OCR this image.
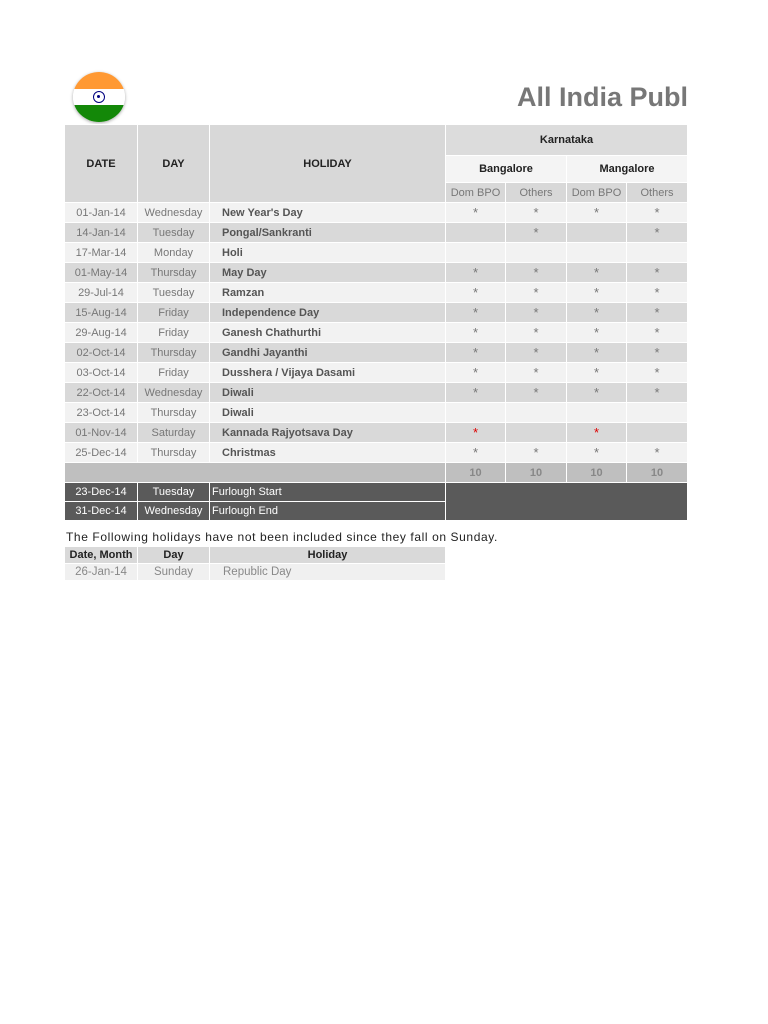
All India Publ
DATE	DAY	HOLIDAY	Karnataka			
			Bangalore		Mangalore	
			Dom BPO	Others	Dom BPO	Others
01-Jan-14	Wednesday	New Year's Day	*	*	*	*
14-Jan-14	Tuesday	Pongal/Sankranti		*		*
17-Mar-14	Monday	Holi				
01-May-14	Thursday	May Day	*	*	*	*
29-Jul-14	Tuesday	Ramzan	*	*	*	*
15-Aug-14	Friday	Independence Day	*	*	*	*
29-Aug-14	Friday	Ganesh Chathurthi	*	*	*	*
02-Oct-14	Thursday	Gandhi Jayanthi	*	*	*	*
03-Oct-14	Friday	Dusshera / Vijaya Dasami	*	*	*	*
22-Oct-14	Wednesday	Diwali	*	*	*	*
23-Oct-14	Thursday	Diwali				
01-Nov-14	Saturday	Kannada Rajyotsava Day	*		*	
25-Dec-14	Thursday	Christmas	*	*	*	*
			10	10	10	10
23-Dec-14	Tuesday	Furlough Start				
31-Dec-14	Wednesday	Furlough End				
The Following holidays have not been included since they fall on Sunday.
Date, Month	Day	Holiday
26-Jan-14	Sunday	Republic Day
